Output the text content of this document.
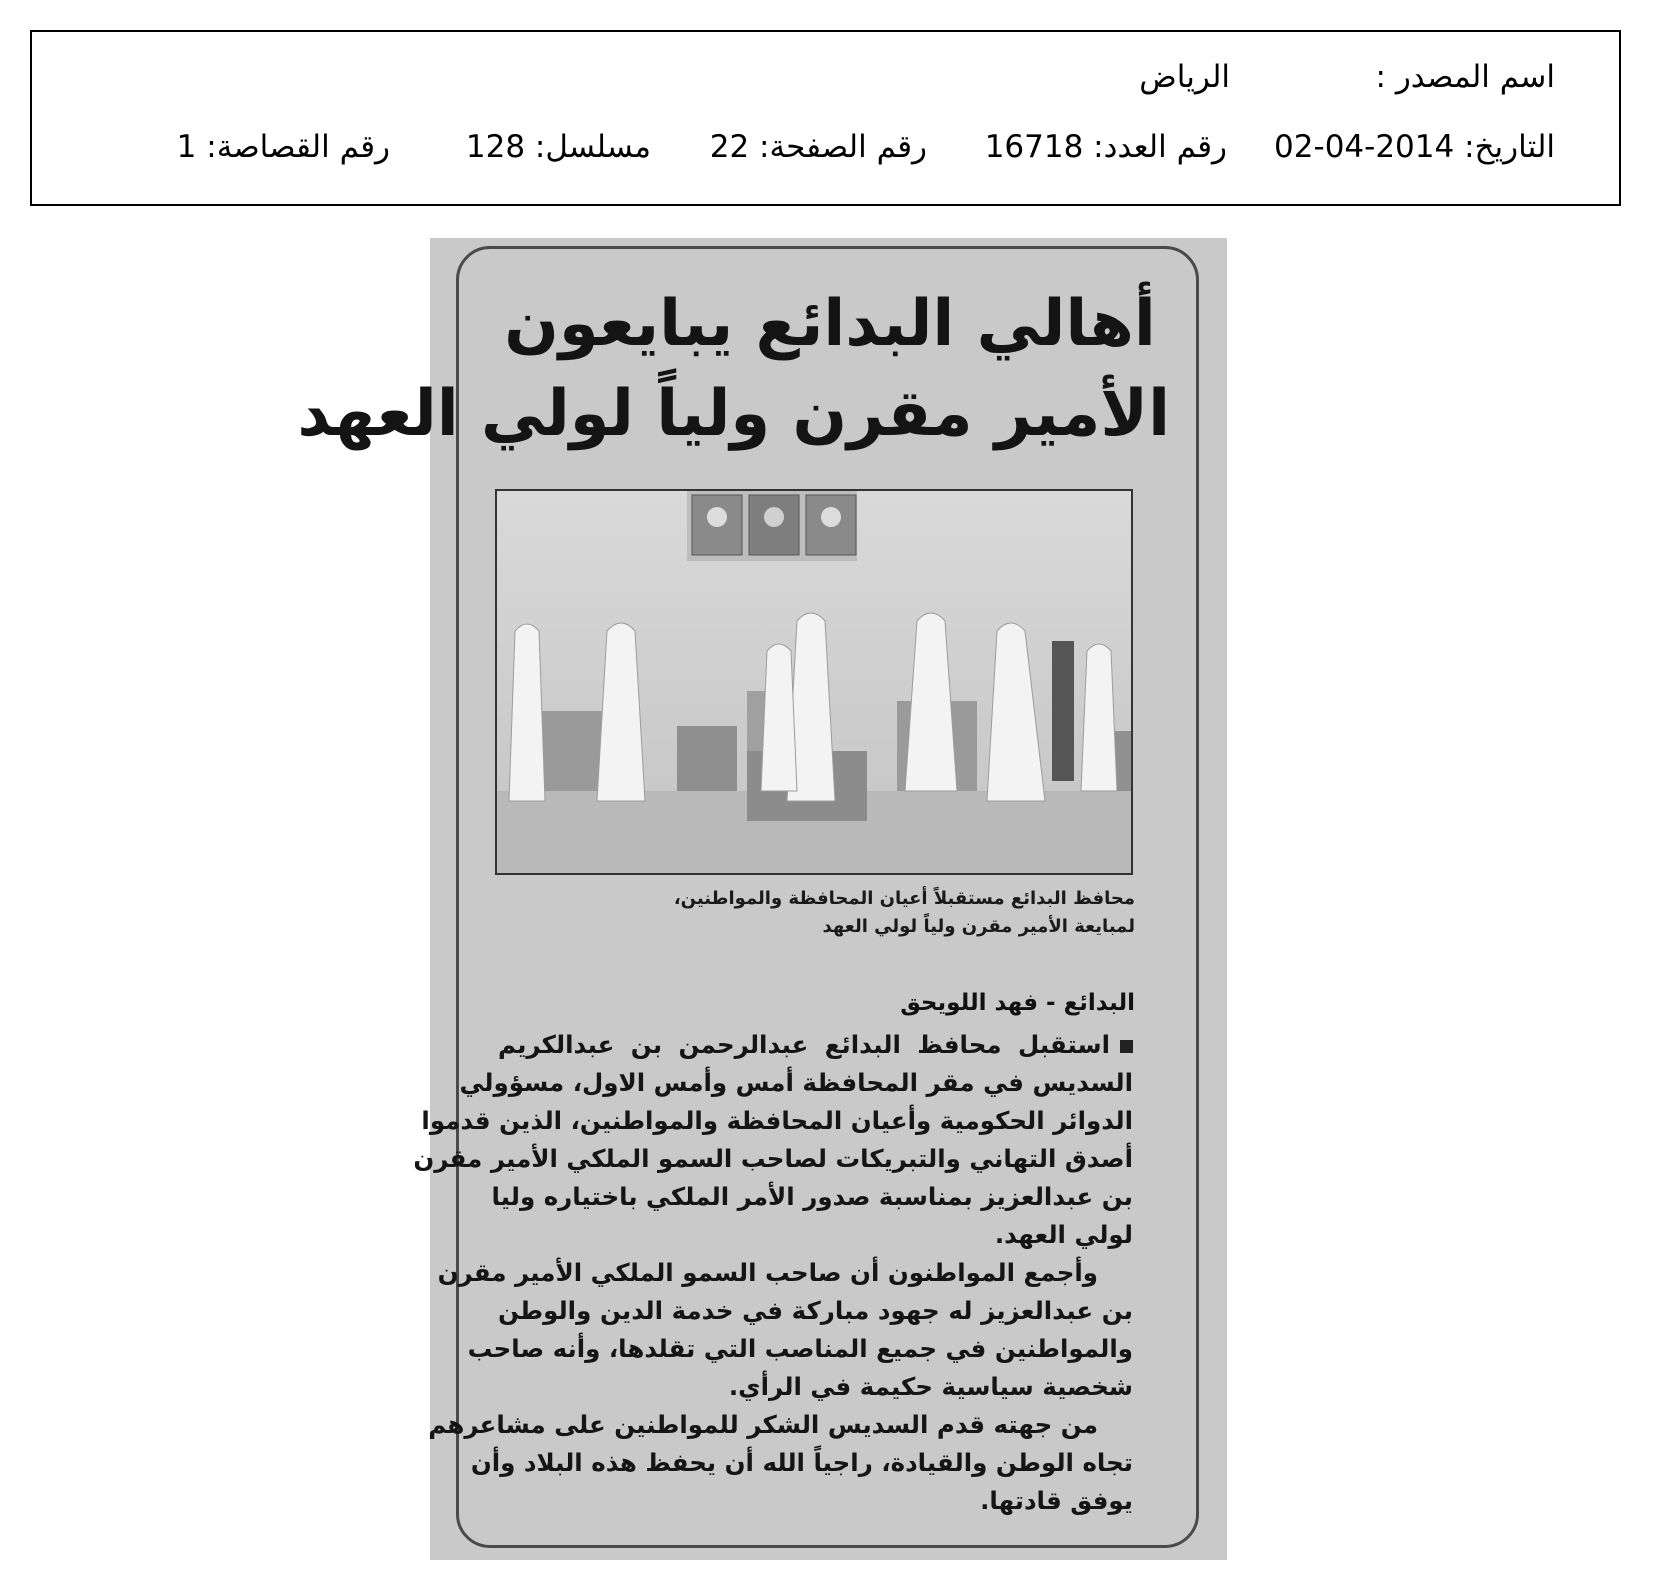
اسم المصدر :
الرياض
التاريخ: 2014-04-02
رقم العدد: 16718
رقم الصفحة: 22
مسلسل: 128
رقم القصاصة: 1
أهالي البدائع يبايعون
الأمير مقرن ولياً لولي العهد
محافظ البدائع مستقبلاً أعيان المحافظة والمواطنين،
لمبايعة الأمير مقرن ولياً لولي العهد
البدائع - فهد اللويحق
استقبل محافظ البدائع عبدالرحمن بن عبدالكريم
السديس في مقر المحافظة أمس وأمس الاول، مسؤولي
الدوائر الحكومية وأعيان المحافظة والمواطنين، الذين قدموا
أصدق التهاني والتبريكات لصاحب السمو الملكي الأمير مقرن
بن عبدالعزيز بمناسبة صدور الأمر الملكي باختياره وليا
لولي العهد.
وأجمع المواطنون أن صاحب السمو الملكي الأمير مقرن
بن عبدالعزيز له جهود مباركة في خدمة الدين والوطن
والمواطنين في جميع المناصب التي تقلدها، وأنه صاحب
شخصية سياسية حكيمة في الرأي.
من جهته قدم السديس الشكر للمواطنين على مشاعرهم
تجاه الوطن والقيادة، راجياً الله أن يحفظ هذه البلاد وأن
يوفق قادتها.
